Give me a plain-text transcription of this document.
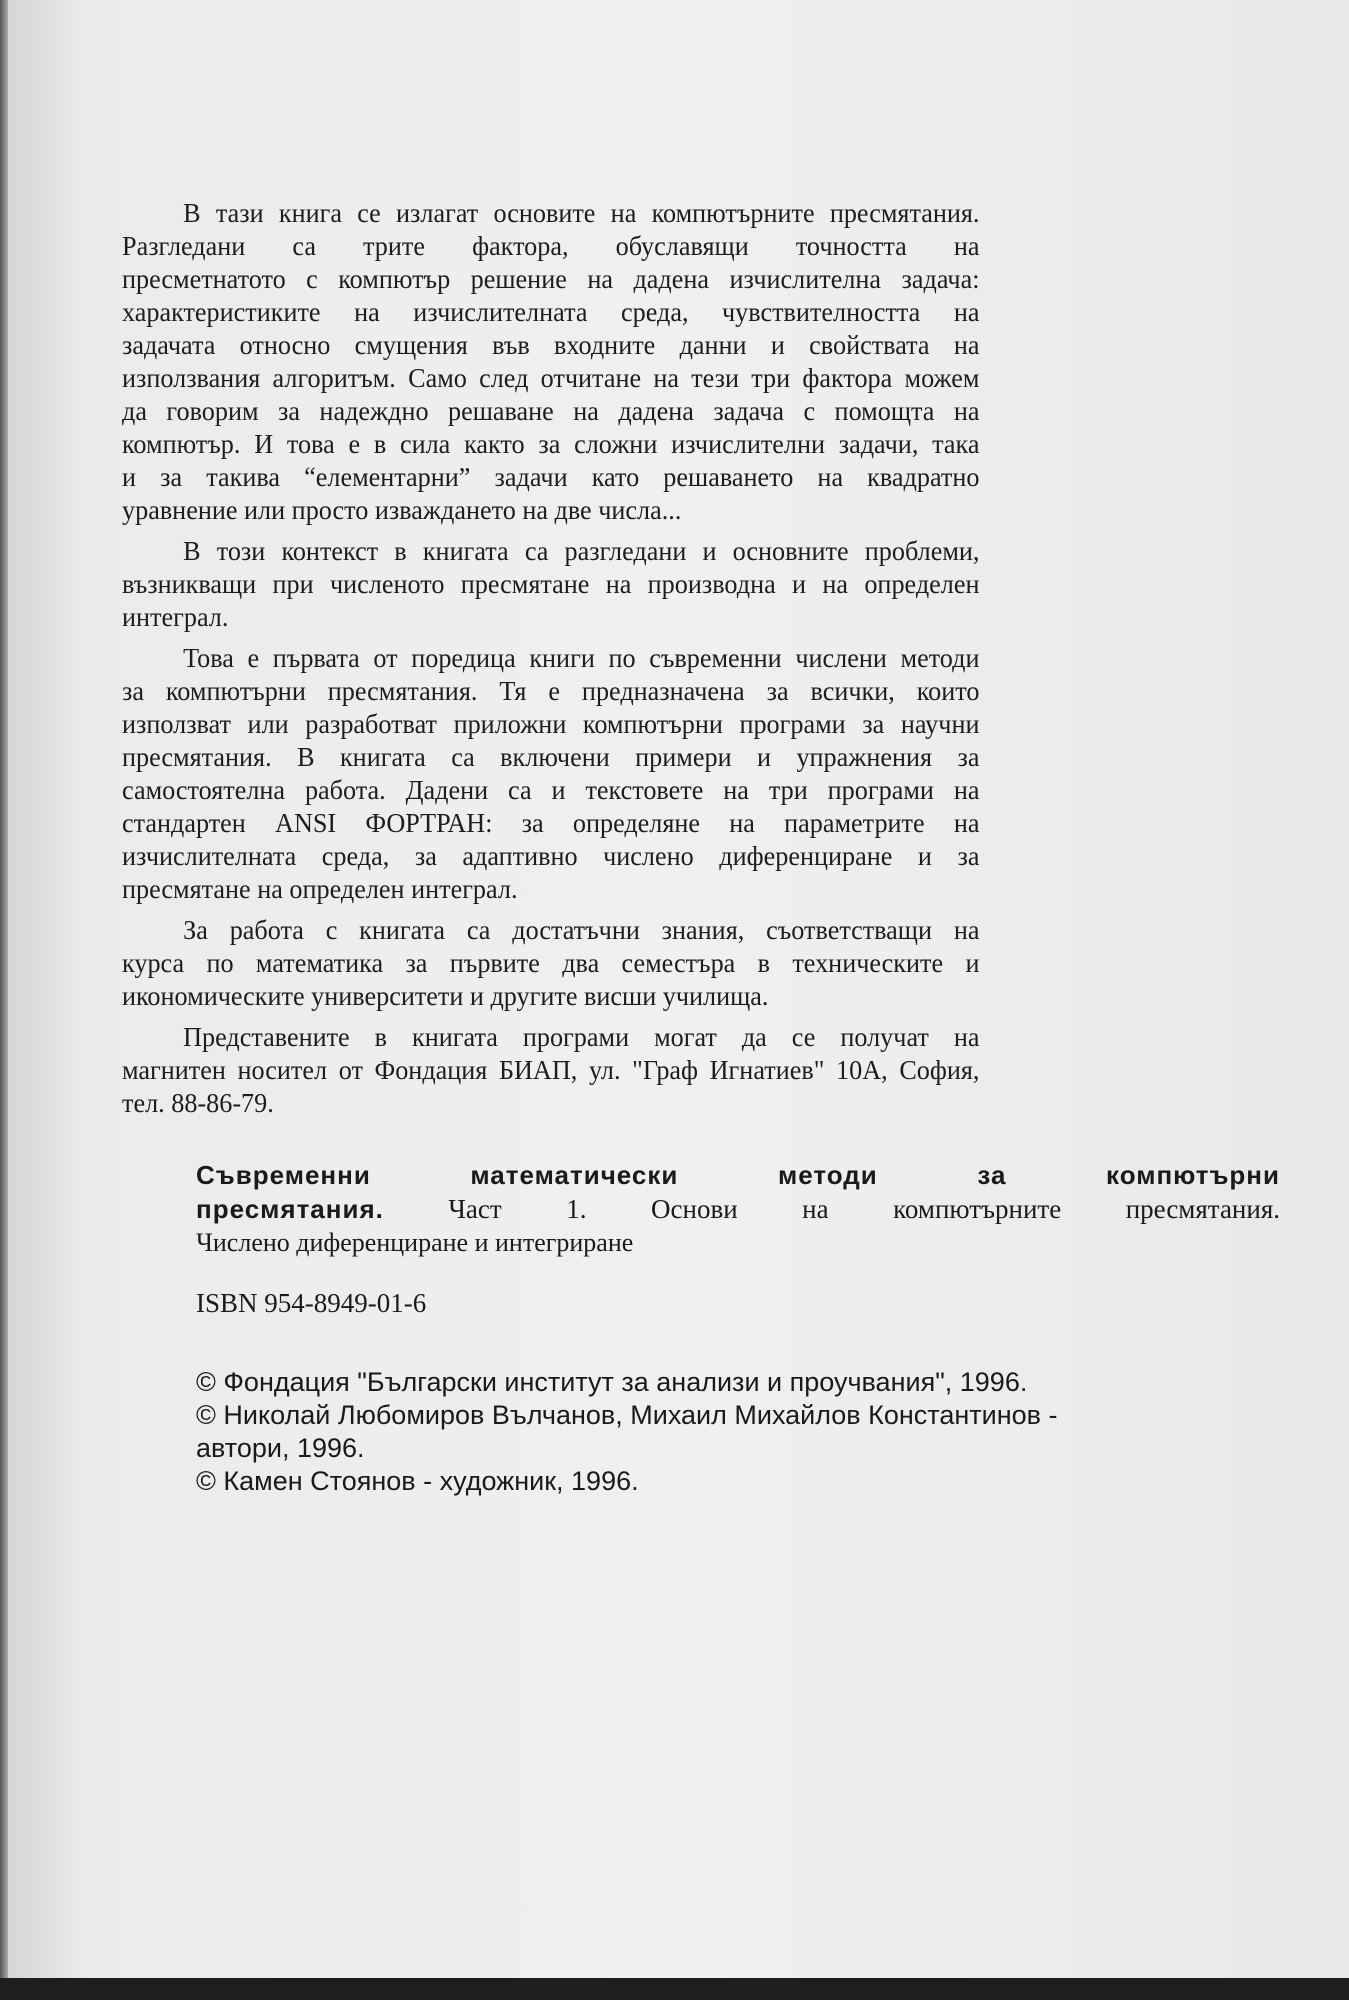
В тази книга се излагат основите на компютърните пресмятания.
Разгледани са трите фактора, обуславящи точността на
пресметнатото с компютър решение на дадена изчислителна задача:
характеристиките на изчислителната среда, чувствителността на
задачата относно смущения във входните данни и свойствата на
използвания алгоритъм. Само след отчитане на тези три фактора можем
да говорим за надеждно решаване на дадена задача с помощта на
компютър. И това е в сила както за сложни изчислителни задачи, така
и за такива “елементарни” задачи като решаването на квадратно
уравнение или просто изваждането на две числа...
В този контекст в книгата са разгледани и основните проблеми,
възникващи при численото пресмятане на производна и на определен
интеграл.
Това е първата от поредица книги по съвременни числени методи
за компютърни пресмятания. Тя е предназначена за всички, които
използват или разработват приложни компютърни програми за научни
пресмятания. В книгата са включени примери и упражнения за
самостоятелна работа. Дадени са и текстовете на три програми на
стандартен ANSI ФОРТРАН: за определяне на параметрите на
изчислителната среда, за адаптивно числено диференциране и за
пресмятане на определен интеграл.
За работа с книгата са достатъчни знания, съответстващи на
курса по математика за първите два семестъра в техническите и
икономическите университети и другите висши училища.
Представените в книгата програми могат да се получат на
магнитен носител от Фондация БИАП, ул. "Граф Игнатиев" 10А, София,
тел. 88-86-79.
Съвременни математически методи за компютърни
пресмятания. Част 1. Основи на компютърните пресмятания.
Числено диференциране и интегриране
ISBN 954-8949-01-6
© Фондация "Български институт за анализи и проучвания", 1996.
© Николай Любомиров Вълчанов, Михаил Михайлов Константинов -
автори, 1996.
© Камен Стоянов - художник, 1996.
